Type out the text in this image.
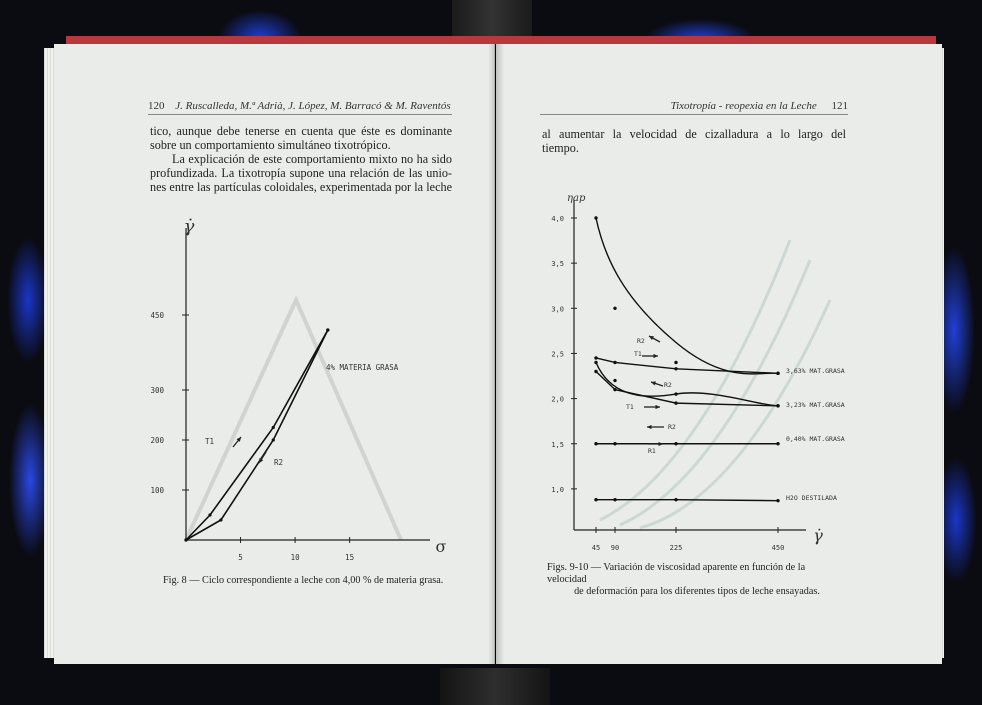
120 J. Ruscalleda, M.ª Adrià, J. López, M. Barracó & M. Raventós
tico, aunque debe tenerse en cuenta que éste es dominante
sobre un comportamiento simultáneo tixotrópico.
La explicación de este comportamiento mixto no ha sido
profundizada. La tixotropía supone una relación de las unio-
nes entre las partículas coloidales, experimentada por la leche
100
200
300
450
5	10	15
γ̇
σ
4% MATERIA GRASA
T1
R2
Fig. 8 — Ciclo correspondiente a leche con 4,00 % de materia grasa.
Tixotropía - reopexia en la Leche 121
al aumentar la velocidad de cizalladura a lo largo del
tiempo.
1,0
1,5
2,0
2,5
3,0
3,5
4,0
45 90	225	450
ηap
γ̇
3,63% MAT.GRASA
3,23% MAT.GRASA
0,40% MAT.GRASA
H2O DESTILADA
R2
T1
R2
T1
R2
R1
Figs. 9-10 — Variación de viscosidad aparente en función de la velocidad
de deformación para los diferentes tipos de leche ensayadas.
